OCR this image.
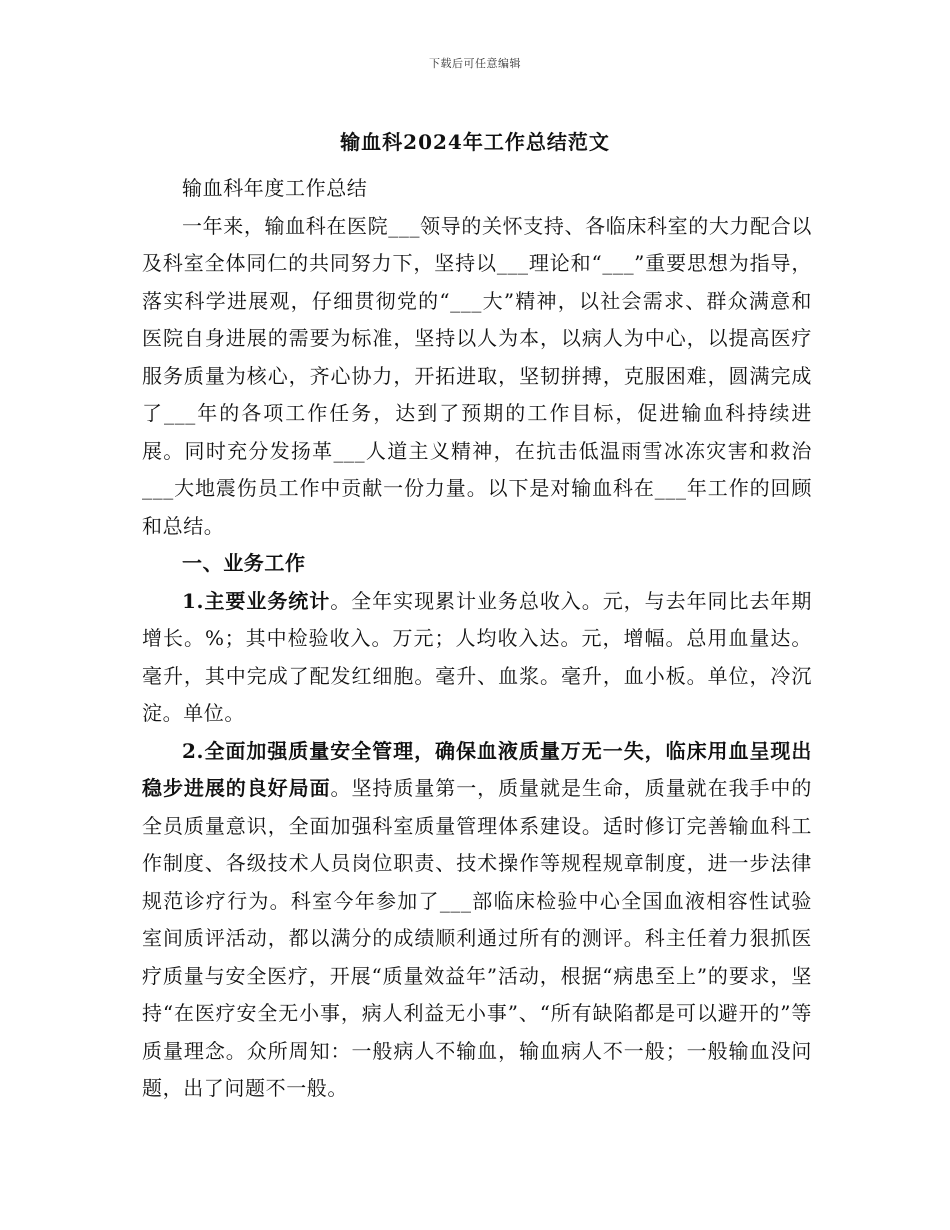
下载后可任意编辑
输血科2024年工作总结范文

输血科年度工作总结

一年来，输血科在医院___领导的关怀支持、各临床科室的大力配合以及科室全体同仁的共同努力下，坚持以___理论和“___”重要思想为指导，落实科学进展观，仔细贯彻党的“___大”精神，以社会需求、群众满意和医院自身进展的需要为标准，坚持以人为本，以病人为中心，以提高医疗服务质量为核心，齐心协力，开拓进取，坚韧拼搏，克服困难，圆满完成了___年的各项工作任务，达到了预期的工作目标，促进输血科持续进展。同时充分发扬革___人道主义精神，在抗击低温雨雪冰冻灾害和救治___大地震伤员工作中贡献一份力量。以下是对输血科在___年工作的回顾和总结。

一、业务工作

1.主要业务统计。全年实现累计业务总收入。元，与去年同比去年期增长。%；其中检验收入。万元；人均收入达。元，增幅。总用血量达。毫升，其中完成了配发红细胞。毫升、血浆。毫升，血小板。单位，冷沉淀。单位。

2.全面加强质量安全管理，确保血液质量万无一失，临床用血呈现出稳步进展的良好局面。坚持质量第一，质量就是生命，质量就在我手中的全员质量意识，全面加强科室质量管理体系建设。适时修订完善输血科工作制度、各级技术人员岗位职责、技术操作等规程规章制度，进一步法律规范诊疗行为。科室今年参加了___部临床检验中心全国血液相容性试验室间质评活动，都以满分的成绩顺利通过所有的测评。科主任着力狠抓医疗质量与安全医疗，开展“质量效益年”活动，根据“病患至上”的要求，坚持“在医疗安全无小事，病人利益无小事”、“所有缺陷都是可以避开的”等质量理念。众所周知：一般病人不输血，输血病人不一般；一般输血没问题，出了问题不一般。
